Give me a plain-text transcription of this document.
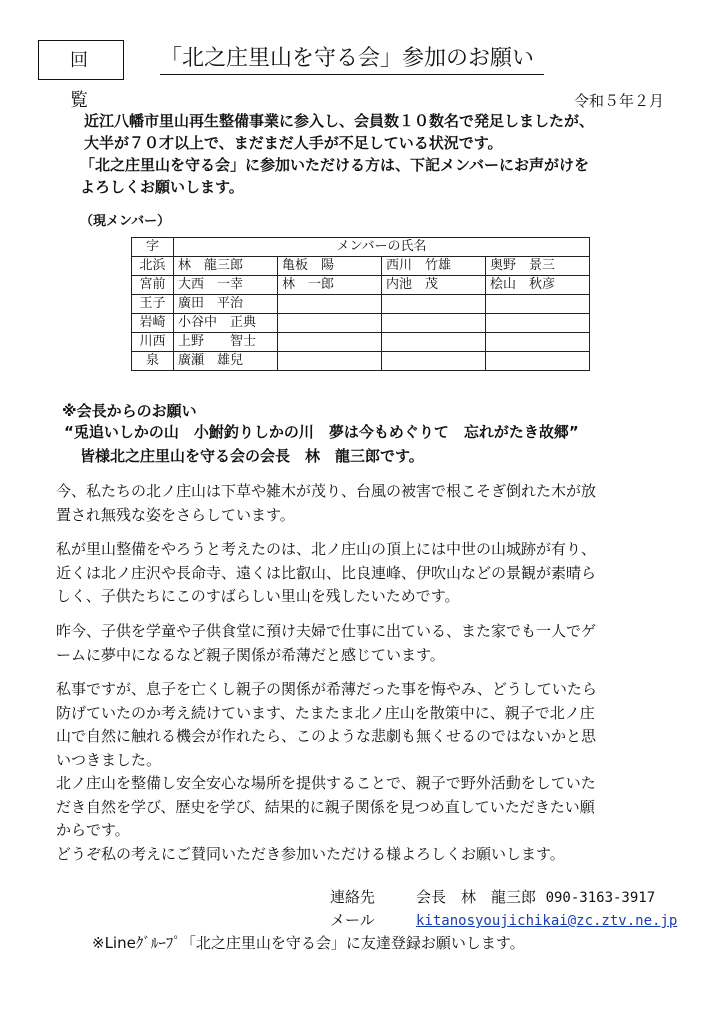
回覧
「北之庄里山を守る会」参加のお願い
令和５年２月
近江八幡市里山再生整備事業に参入し、会員数１０数名で発足しましたが、
大半が７０才以上で、まだまだ人手が不足している状況です。
「北之庄里山を守る会」に参加いただける方は、下記メンバーにお声がけを
よろしくお願いします。
（現メンバー）
字	メンバーの氏名			
北浜	林　龍三郎	亀板　陽	西川　竹雄	奥野　景三
宮前	大西　一幸	林　一郎	内池　茂	桧山　秋彦
王子	廣田　平治			
岩崎	小谷中　正典			
川西	上野　　智士			
泉	廣瀬　雄兒			
※会長からのお願い
“兎追いしかの山　小鮒釣りしかの川　夢は今もめぐりて　忘れがたき故郷”
皆様北之庄里山を守る会の会長　林　龍三郎です。
今、私たちの北ノ庄山は下草や雑木が茂り、台風の被害で根こそぎ倒れた木が放
置され無残な姿をさらしています。
私が里山整備をやろうと考えたのは、北ノ庄山の頂上には中世の山城跡が有り、
近くは北ノ庄沢や長命寺、遠くは比叡山、比良連峰、伊吹山などの景観が素晴ら
しく、子供たちにこのすばらしい里山を残したいためです。
昨今、子供を学童や子供食堂に預け夫婦で仕事に出ている、また家でも一人でゲ
ームに夢中になるなど親子関係が希薄だと感じています。
私事ですが、息子を亡くし親子の関係が希薄だった事を悔やみ、どうしていたら
防げていたのか考え続けています、たまたま北ノ庄山を散策中に、親子で北ノ庄
山で自然に触れる機会が作れたら、このような悲劇も無くせるのではないかと思
いつきました。
北ノ庄山を整備し安全安心な場所を提供することで、親子で野外活動をしていた
だき自然を学び、歴史を学び、結果的に親子関係を見つめ直していただきたい願
からです。
どうぞ私の考えにご賛同いただき参加いただける様よろしくお願いします。
連絡先	会長　林　龍三郎 090-3163-3917
メール	kitanosyoujichikai@zc.ztv.ne.jp
※Lineｸﾞﾙｰﾌﾟ「北之庄里山を守る会」に友達登録お願いします。
